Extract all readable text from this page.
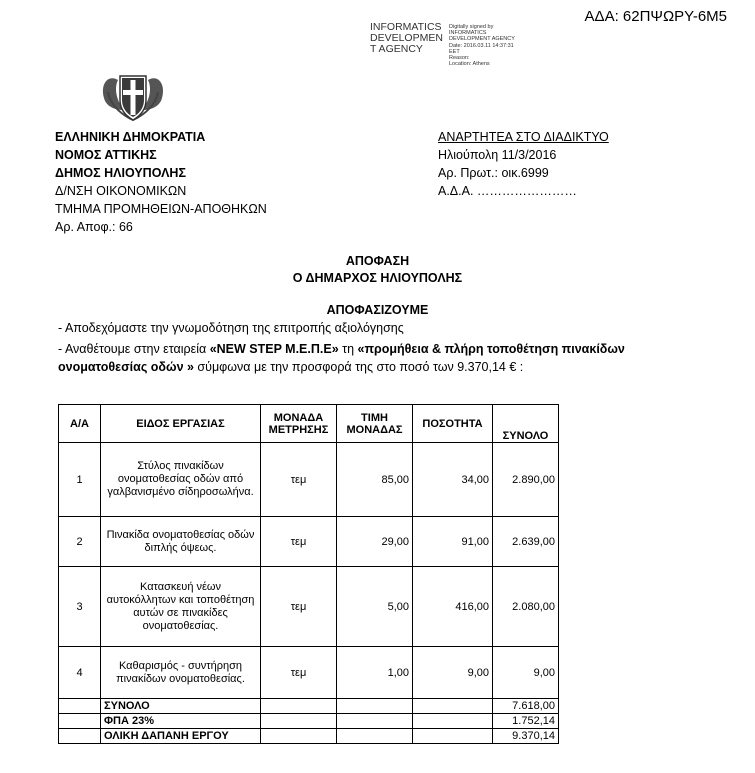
ΑΔΑ: 62ΠΨΩΡΥ-6Μ5
INFORMATICS
DEVELOPMEN
T AGENCY
Digitally signed by
INFORMATICS
DEVELOPMENT AGENCY
Date: 2016.03.11 14:37:31
EET
Reason:
Location: Athens
ΕΛΛΗΝΙΚΗ ΔΗΜΟΚΡΑΤΙΑ
ΝΟΜΟΣ ΑΤΤΙΚΗΣ
ΔΗΜΟΣ ΗΛΙΟΥΠΟΛΗΣ
Δ/ΝΣΗ ΟΙΚΟΝΟΜΙΚΩΝ
ΤΜΗΜΑ ΠΡΟΜΗΘΕΙΩΝ-ΑΠΟΘΗΚΩΝ
Αρ. Αποφ.: 66
ΑΝΑΡΤΗΤΕΑ ΣΤΟ ΔΙΑΔΙΚΤΥΟ
Ηλιούπολη 11/3/2016
Αρ. Πρωτ.: οικ.6999
Α.Δ.Α. ……………………
ΑΠΟΦΑΣΗ
Ο ΔΗΜΑΡΧΟΣ ΗΛΙΟΥΠΟΛΗΣ
ΑΠΟΦΑΣΙΖΟΥΜΕ
- Αποδεχόμαστε την γνωμοδότηση της επιτροπής αξιολόγησης
- Αναθέτουμε στην εταιρεία «NEW STEP Μ.Ε.Π.Ε» τη «προμήθεια & πλήρη τοποθέτηση πινακίδων ονοματοθεσίας οδών » σύμφωνα με την προσφορά της στο ποσό των 9.370,14 € :
Α/Α	ΕΙΔΟΣ ΕΡΓΑΣΙΑΣ	ΜΟΝΑΔΑ ΜΕΤΡΗΣΗΣ	ΤΙΜΗ ΜΟΝΑΔΑΣ	ΠΟΣΟΤΗΤΑ	ΣΥΝΟΛΟ
1	Στύλος πινακίδων ονοματοθεσίας οδών από γαλβανισμένο σίδηροσωλήνα.	τεμ	85,00	34,00	2.890,00
2	Πινακίδα ονοματοθεσίας οδών διπλής όψεως.	τεμ	29,00	91,00	2.639,00
3	Κατασκευή νέων αυτοκόλλητων και τοποθέτηση αυτών σε πινακίδες ονοματοθεσίας.	τεμ	5,00	416,00	2.080,00
4	Καθαρισμός - συντήρηση πινακίδων ονοματοθεσίας.	τεμ	1,00	9,00	9,00
	ΣΥΝΟΛΟ				7.618,00
	ΦΠΑ 23%				1.752,14
	ΟΛΙΚΗ ΔΑΠΑΝΗ ΕΡΓΟΥ				9.370,14
